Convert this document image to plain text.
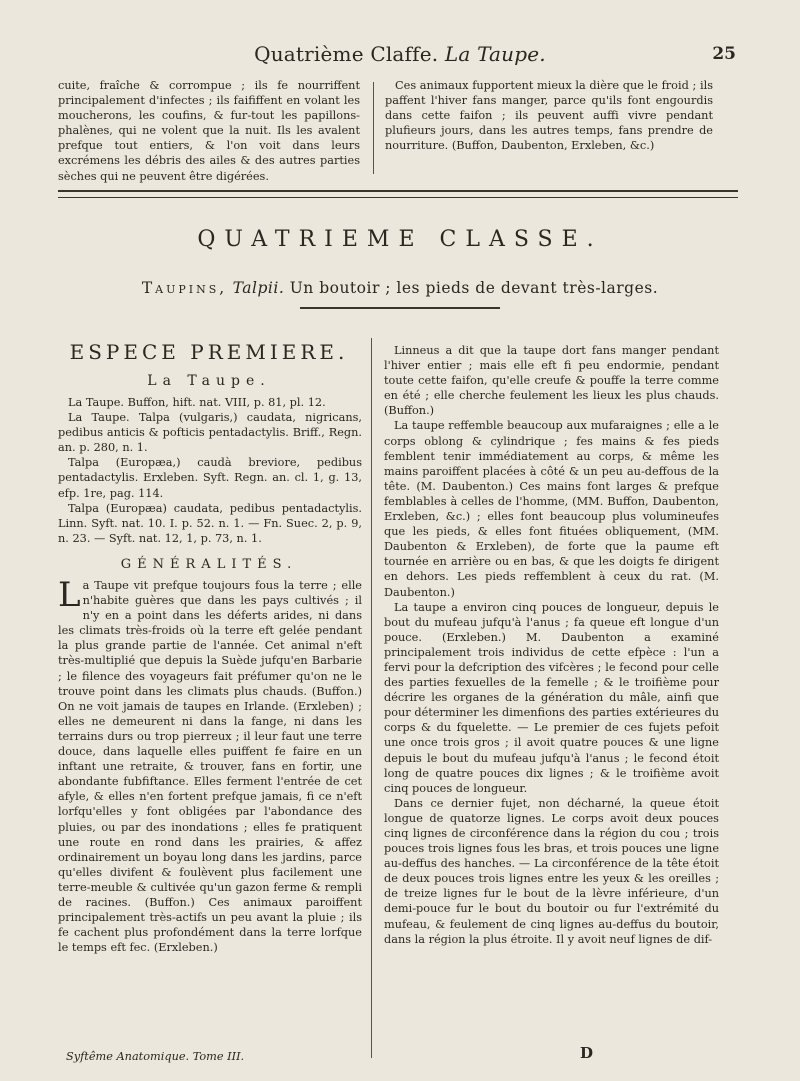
Quatrième Claffe. La Taupe.	25

cuite, fraîche & corrompue ; ils fe nourriffent principalement d'infectes ; ils faififfent en volant les moucherons, les coufins, & fur-tout les papillons-phalènes, qui ne volent que la nuit. Ils les avalent prefque tout entiers, & l'on voit dans leurs excrémens les débris des ailes & des autres parties sèches qui ne peuvent être digérées.

Ces animaux fupportent mieux la dière que le froid ; ils paffent l'hiver fans manger, parce qu'ils font engourdis dans cette faifon ; ils peuvent auffi vivre pendant plufieurs jours, dans les autres temps, fans prendre de nourriture. (Buffon, Daubenton, Erxleben, &c.)

QUATRIEME CLASSE.
Taupins, Talpii. Un boutoir ; les pieds de devant très-larges.
ESPECE PREMIERE.
La Taupe.

La Taupe. Buffon, hift. nat. VIII, p. 81, pl. 12.

La Taupe. Talpa (vulgaris,) caudata, nigricans, pedibus anticis & pofticis pentadactylis. Briff., Regn. an. p. 280, n. 1.

Talpa (Europæa,) caudà breviore, pedibus pentadactylis. Erxleben. Syft. Regn. an. cl. 1, g. 13, efp. 1re, pag. 114.

Talpa (Europæa) caudata, pedibus pentadactylis. Linn. Syft. nat. 10. I. p. 52. n. 1. — Fn. Suec. 2, p. 9, n. 23. — Syft. nat. 12, 1, p. 73, n. 1.

GÉNÉRALITÉS.

La Taupe vit prefque toujours fous la terre ; elle n'habite guères que dans les pays cultivés ; il n'y en a point dans les déferts arides, ni dans les climats très-froids où la terre eft gelée pendant la plus grande partie de l'année. Cet animal n'eft très-multiplié que depuis la Suède jufqu'en Barbarie ; le filence des voyageurs fait préfumer qu'on ne le trouve point dans les climats plus chauds. (Buffon.) On ne voit jamais de taupes en Irlande. (Erxleben) ; elles ne demeurent ni dans la fange, ni dans les terrains durs ou trop pierreux ; il leur faut une terre douce, dans laquelle elles puiffent fe faire en un inftant une retraite, & trouver, fans en fortir, une abondante fubfiftance. Elles ferment l'entrée de cet afyle, & elles n'en fortent prefque jamais, fi ce n'eft lorfqu'elles y font obligées par l'abondance des pluies, ou par des inondations ; elles fe pratiquent une route en rond dans les prairies, & affez ordinairement un boyau long dans les jardins, parce qu'elles divifent & foulèvent plus facilement une terre-meuble & cultivée qu'un gazon ferme & rempli de racines. (Buffon.) Ces animaux paroiffent principalement très-actifs un peu avant la pluie ; ils fe cachent plus profondément dans la terre lorfque le temps eft fec. (Erxleben.)

Linneus a dit que la taupe dort fans manger pendant l'hiver entier ; mais elle eft fi peu endormie, pendant toute cette faifon, qu'elle creufe & pouffe la terre comme en été ; elle cherche feulement les lieux les plus chauds. (Buffon.)

La taupe reffemble beaucoup aux mufaraignes ; elle a le corps oblong & cylindrique ; fes mains & fes pieds femblent tenir immédiatement au corps, & même les mains paroiffent placées à côté & un peu au-deffous de la tête. (M. Daubenton.) Ces mains font larges & prefque femblables à celles de l'homme, (MM. Buffon, Daubenton, Erxleben, &c.) ; elles font beaucoup plus volumineufes que les pieds, & elles font fituées obliquement, (MM. Daubenton & Erxleben), de forte que la paume eft tournée en arrière ou en bas, & que les doigts fe dirigent en dehors. Les pieds reffemblent à ceux du rat. (M. Daubenton.)

La taupe a environ cinq pouces de longueur, depuis le bout du mufeau jufqu'à l'anus ; fa queue eft longue d'un pouce. (Erxleben.) M. Daubenton a examiné principalement trois individus de cette efpèce : l'un a fervi pour la defcription des vifcères ; le fecond pour celle des parties fexuelles de la femelle ; & le troifième pour décrire les organes de la génération du mâle, ainfi que pour déterminer les dimenfions des parties extérieures du corps & du fquelette. — Le premier de ces fujets pefoit une once trois gros ; il avoit quatre pouces & une ligne depuis le bout du mufeau jufqu'à l'anus ; le fecond étoit long de quatre pouces dix lignes ; & le troifième avoit cinq pouces de longueur.

Dans ce dernier fujet, non décharné, la queue étoit longue de quatorze lignes. Le corps avoit deux pouces cinq lignes de circonférence dans la région du cou ; trois pouces trois lignes fous les bras, et trois pouces une ligne au-deffus des hanches. — La circonférence de la tête étoit de deux pouces trois lignes entre les yeux & les oreilles ; de treize lignes fur le bout de la lèvre inférieure, d'un demi-pouce fur le bout du boutoir ou fur l'extrémité du mufeau, & feulement de cinq lignes au-deffus du boutoir, dans la région la plus étroite. Il y avoit neuf lignes de dif-

Syftême Anatomique. Tome III.	D
